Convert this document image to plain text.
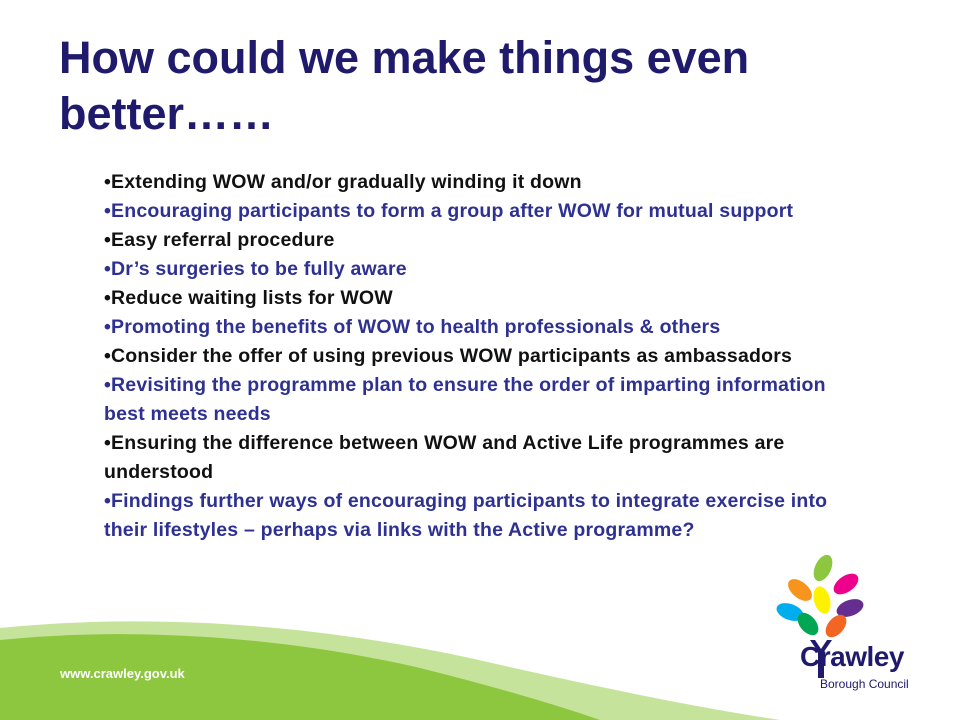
How could we make things even better……
•Extending WOW and/or gradually winding it down
•Encouraging participants to form a group after WOW for mutual support
•Easy referral procedure
•Dr’s surgeries to be fully aware
•Reduce waiting lists for WOW
•Promoting the benefits of WOW to health professionals & others
•Consider the offer of using previous WOW participants as ambassadors
•Revisiting the programme plan to ensure the order of imparting information best meets needs
•Ensuring the difference between WOW and Active Life programmes are understood
•Findings further ways of encouraging participants to integrate exercise into their lifestyles – perhaps via links with the Active programme?
www.crawley.gov.uk
Crawley
Borough Council
